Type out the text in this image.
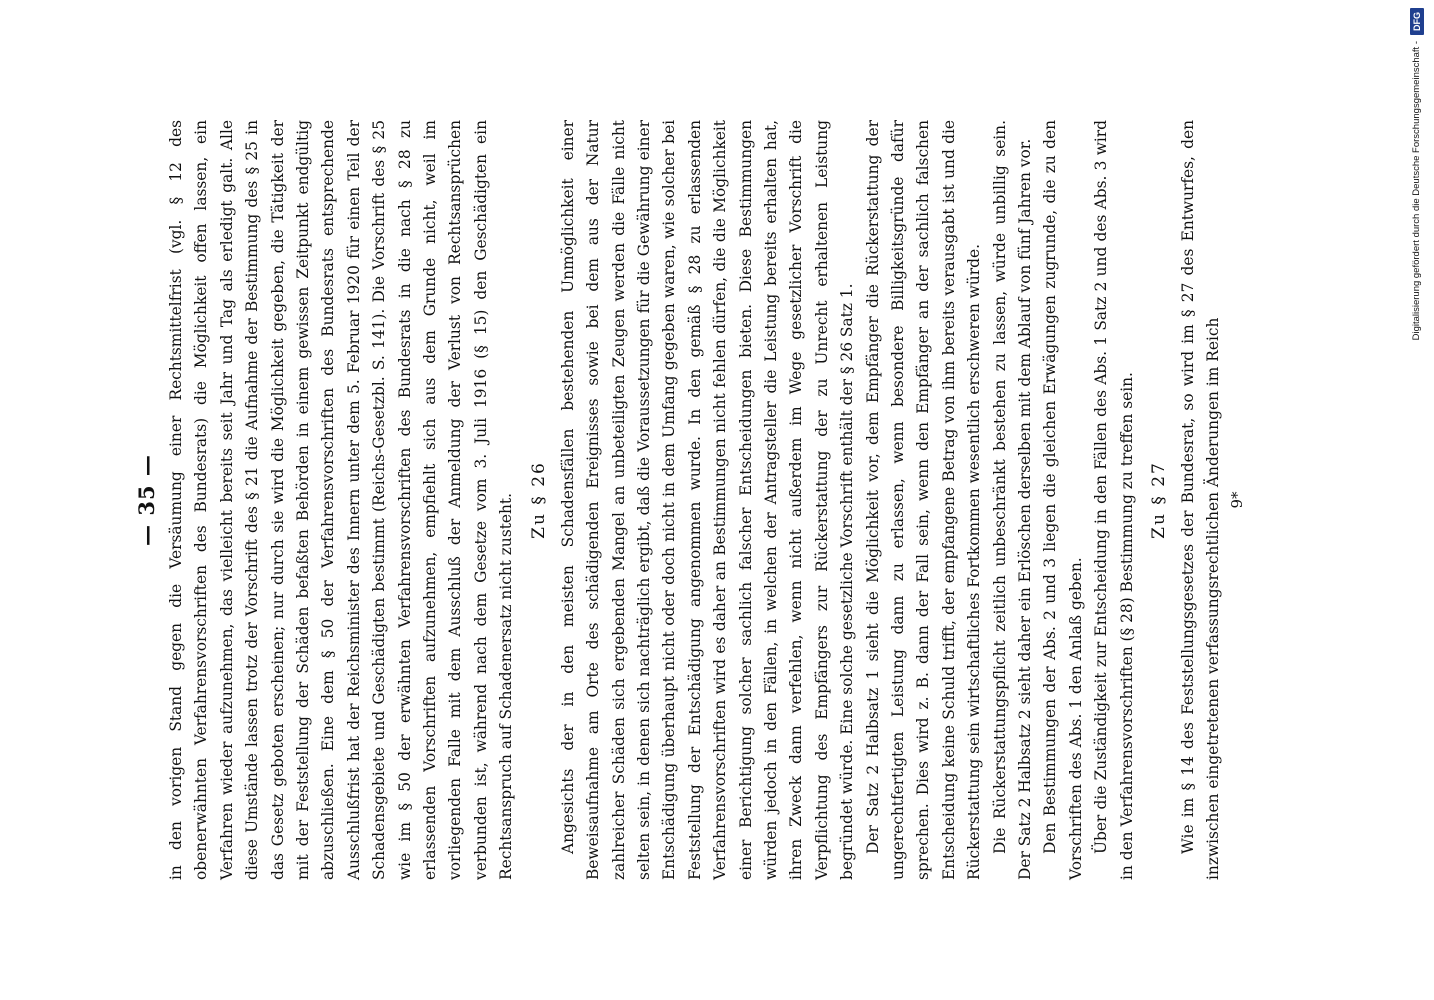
— 35 — in den vorigen Stand gegen die Versäumung einer Rechtsmittelfrist (vgl. § 12 des obenerwähnten Verfahrensvorschriften des Bundesrats) die Möglichkeit offen lassen, ein Verfahren wieder aufzunehmen, das vielleicht bereits seit Jahr und Tag als erledigt galt. Alle diese Umstände lassen trotz der Vorschrift des § 21 die Aufnahme der Bestimmung des § 25 in das Gesetz geboten erscheinen; nur durch sie wird die Möglichkeit gegeben, die Tätigkeit der mit der Feststellung der Schäden befaßten Behörden in einem gewissen Zeitpunkt endgültig abzuschließen. Eine dem § 50 der Verfahrensvorschriften des Bundesrats entsprechende Ausschlußfrist hat der Reichsminister des Innern unter dem 5. Februar 1920 für einen Teil der Schadensgebiete und Geschädigten bestimmt (Reichs-Gesetzbl. S. 141). Die Vorschrift des § 25 wie im § 50 der erwähnten Verfahrensvorschriften des Bundesrats in die nach § 28 zu erlassenden Vorschriften aufzunehmen, empfiehlt sich aus dem Grunde nicht, weil im vorliegenden Falle mit dem Ausschluß der Anmeldung der Verlust von Rechtsansprüchen verbunden ist, während nach dem Gesetze vom 3. Juli 1916 (§ 15) den Geschädigten ein Rechtsanspruch auf Schadenersatz nicht zusteht. Zu § 26 Angesichts der in den meisten Schadensfällen bestehenden Unmöglichkeit einer Beweisaufnahme am Orte des schädigenden Ereignisses sowie bei dem aus der Natur zahlreicher Schäden sich ergebenden Mangel an unbeteiligten Zeugen werden die Fälle nicht selten sein, in denen sich nachträglich ergibt, daß die Voraussetzungen für die Gewährung einer Entschädigung überhaupt nicht oder doch nicht in dem Umfang gegeben waren, wie solcher bei Feststellung der Entschädigung angenommen wurde. In den gemäß § 28 zu erlassenden Verfahrensvorschriften wird es daher an Bestimmungen nicht fehlen dürfen, die die Möglichkeit einer Berichtigung solcher sachlich falscher Entscheidungen bieten. Diese Bestimmungen würden jedoch in den Fällen, in welchen der Antragsteller die Leistung bereits erhalten hat, ihren Zweck dann verfehlen, wenn nicht außerdem im Wege gesetzlicher Vorschrift die Verpflichtung des Empfängers zur Rückerstattung der zu Unrecht erhaltenen Leistung begründet würde. Eine solche gesetzliche Vorschrift enthält der § 26 Satz 1. Der Satz 2 Halbsatz 1 sieht die Möglichkeit vor, dem Empfänger die Rückerstattung der ungerechtfertigten Leistung dann zu erlassen, wenn besondere Billigkeitsgründe dafür sprechen. Dies wird z. B. dann der Fall sein, wenn den Empfänger an der sachlich falschen Entscheidung keine Schuld trifft, der empfangene Betrag von ihm bereits verausgabt ist und die Rückerstattung sein wirtschaftliches Fortkommen wesentlich erschweren würde. Die Rückerstattungspflicht zeitlich unbeschränkt bestehen zu lassen, würde unbillig sein. Der Satz 2 Halbsatz 2 sieht daher ein Erlöschen derselben mit dem Ablauf von fünf Jahren vor. Den Bestimmungen der Abs. 2 und 3 liegen die gleichen Erwägungen zugrunde, die zu den Vorschriften des Abs. 1 den Anlaß geben. Über die Zuständigkeit zur Entscheidung in den Fällen des Abs. 1 Satz 2 und des Abs. 3 wird in den Verfahrensvorschriften (§ 28) Bestimmung zu treffen sein. Zu § 27 Wie im § 14 des Feststellungsgesetzes der Bundesrat, so wird im § 27 des Entwurfes, den inzwischen eingetretenen verfassungsrechtlichen Änderungen im Reich 9*
Digitalisierung gefördert durch die Deutsche Forschungsgemeinschaft -
DFG
